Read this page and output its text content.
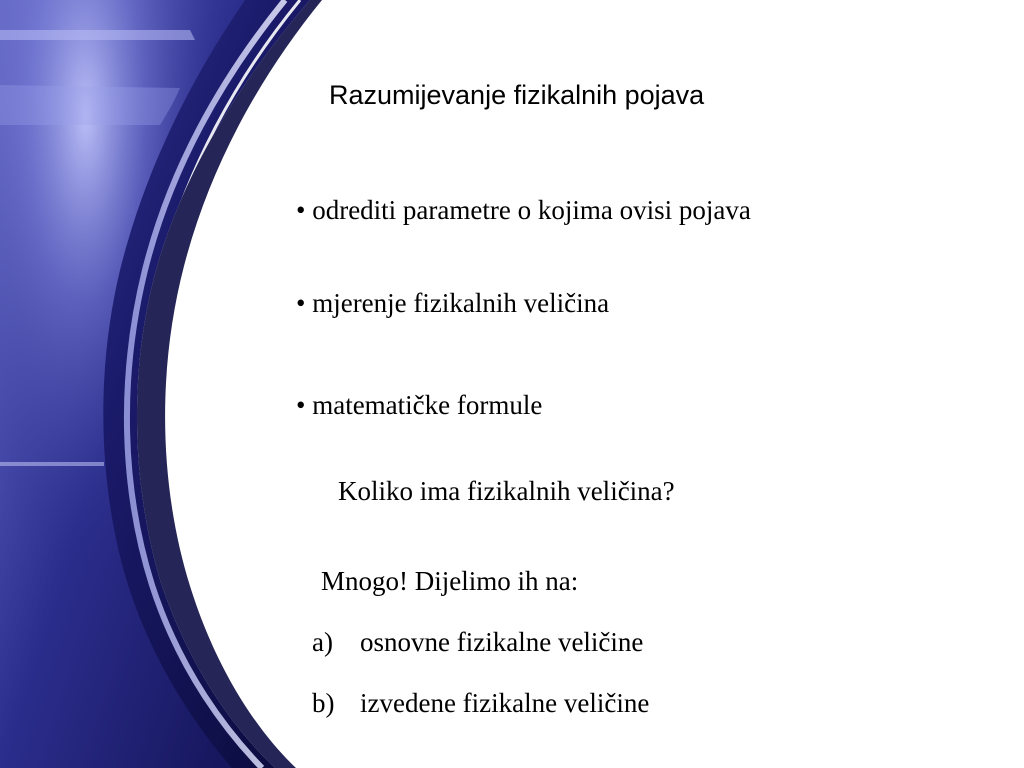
Razumijevanje fizikalnih pojava
• odrediti parametre o kojima ovisi pojava
• mjerenje fizikalnih veličina
• matematičke formule
Koliko ima fizikalnih veličina?
Mnogo! Dijelimo ih na:
a) osnovne fizikalne veličine
b) izvedene fizikalne veličine
